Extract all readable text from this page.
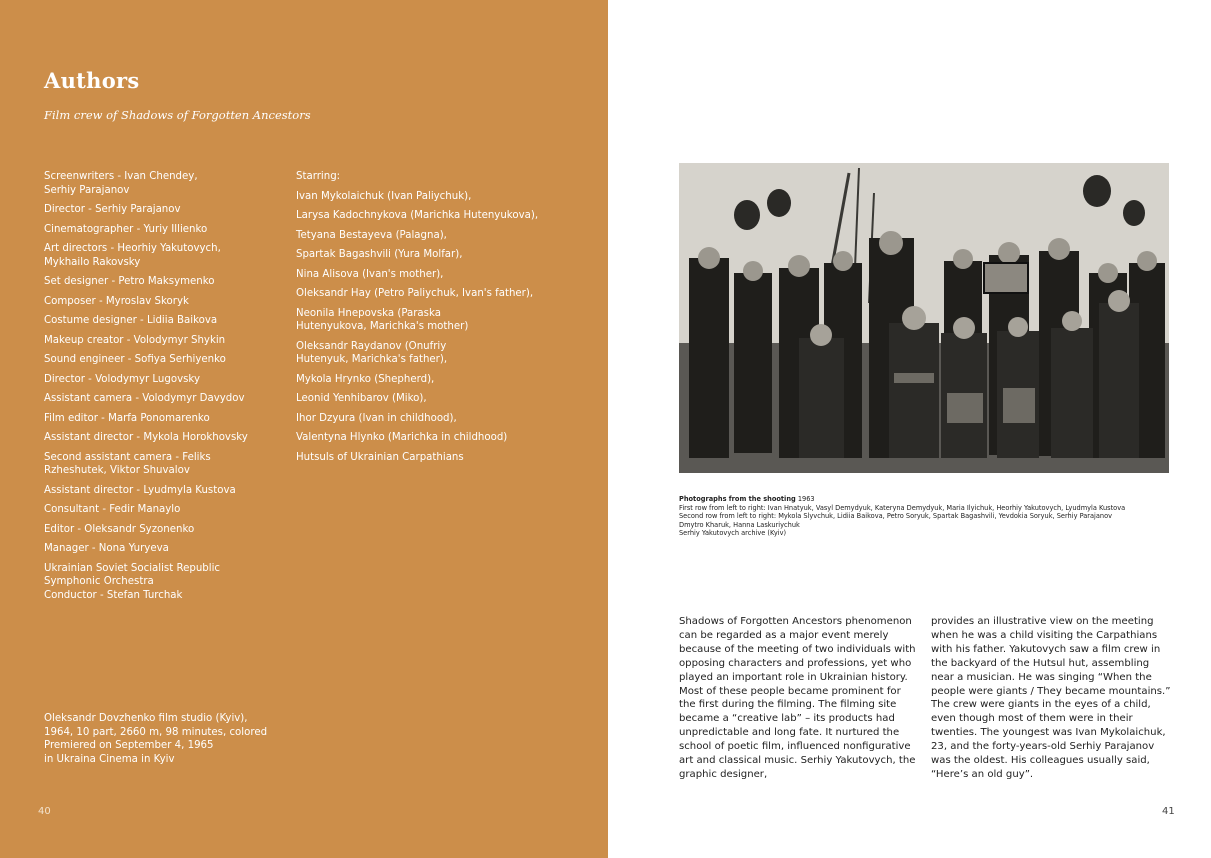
Authors

Film crew of Shadows of Forgotten Ancestors

Screenwriters - Ivan Chendey,
Serhiy Parajanov

Director - Serhiy Parajanov

Cinematographer - Yuriy Illienko

Art directors - Heorhiy Yakutovych,
Mykhailo Rakovsky

Set designer - Petro Maksymenko

Composer - Myroslav Skoryk

Costume designer - Lidiia Baikova

Makeup creator - Volodymyr Shykin

Sound engineer - Sofiya Serhiyenko

Director - Volodymyr Lugovsky

Assistant camera - Volodymyr Davydov

Film editor - Marfa Ponomarenko

Assistant director - Mykola Horokhovsky

Second assistant camera - Feliks
Rzheshutek, Viktor Shuvalov

Assistant director - Lyudmyla Kustova

Consultant - Fedir Manaylo

Editor - Oleksandr Syzonenko

Manager - Nona Yuryeva

Ukrainian Soviet Socialist Republic
Symphonic Orchestra
Conductor - Stefan Turchak

Starring:

Ivan Mykolaichuk (Ivan Paliychuk),

Larysa Kadochnykova (Marichka Hutenyukova),

Tetyana Bestayeva (Palagna),

Spartak Bagashvili (Yura Molfar),

Nina Alisova (Ivan's mother),

Oleksandr Hay (Petro Paliychuk, Ivan's father),

Neonila Hnepovska (Paraska
Hutenyukova, Marichka's mother)

Oleksandr Raydanov (Onufriy
Hutenyuk, Marichka's father),

Mykola Hrynko (Shepherd),

Leonid Yenhibarov (Miko),

Ihor Dzyura (Ivan in childhood),

Valentyna Hlynko (Marichka in childhood)

Hutsuls of Ukrainian Carpathians

Oleksandr Dovzhenko film studio (Kyiv),
1964, 10 part, 2660 m, 98 minutes, colored
Premiered on September 4, 1965
in Ukraina Cinema in Kyiv

40
Photographs from the shooting 1963
First row from left to right: Ivan Hnatyuk, Vasyl Demydyuk, Kateryna Demydyuk, Maria Ilyichuk, Heorhiy Yakutovych, Lyudmyla Kustova
Second row from left to right: Mykola Slyvchuk, Lidiia Baikova, Petro Soryuk, Spartak Bagashvili, Yevdokia Soryuk, Serhiy Parajanov
Dmytro Kharuk, Hanna Laskuriychuk
Serhiy Yakutovych archive (Kyiv)

Shadows of Forgotten Ancestors phenomenon can be regarded as a major event merely because of the meeting of two individuals with opposing characters and professions, yet who played an important role in Ukrainian history. Most of these people became prominent for the first during the filming. The filming site became a “creative lab” – its products had unpredictable and long fate. It nurtured the school of poetic film, influenced nonfigurative art and classical music. Serhiy Yakutovych, the graphic designer,

provides an illustrative view on the meeting when he was a child visiting the Carpathians with his father. Yakutovych saw a film crew in the backyard of the Hutsul hut, assembling near a musician. He was singing “When the people were giants / They became mountains.” The crew were giants in the eyes of a child, even though most of them were in their twenties. The youngest was Ivan Mykolaichuk, 23, and the forty-years-old Serhiy Parajanov was the oldest. His colleagues usually said, “Here’s an old guy”.

41
